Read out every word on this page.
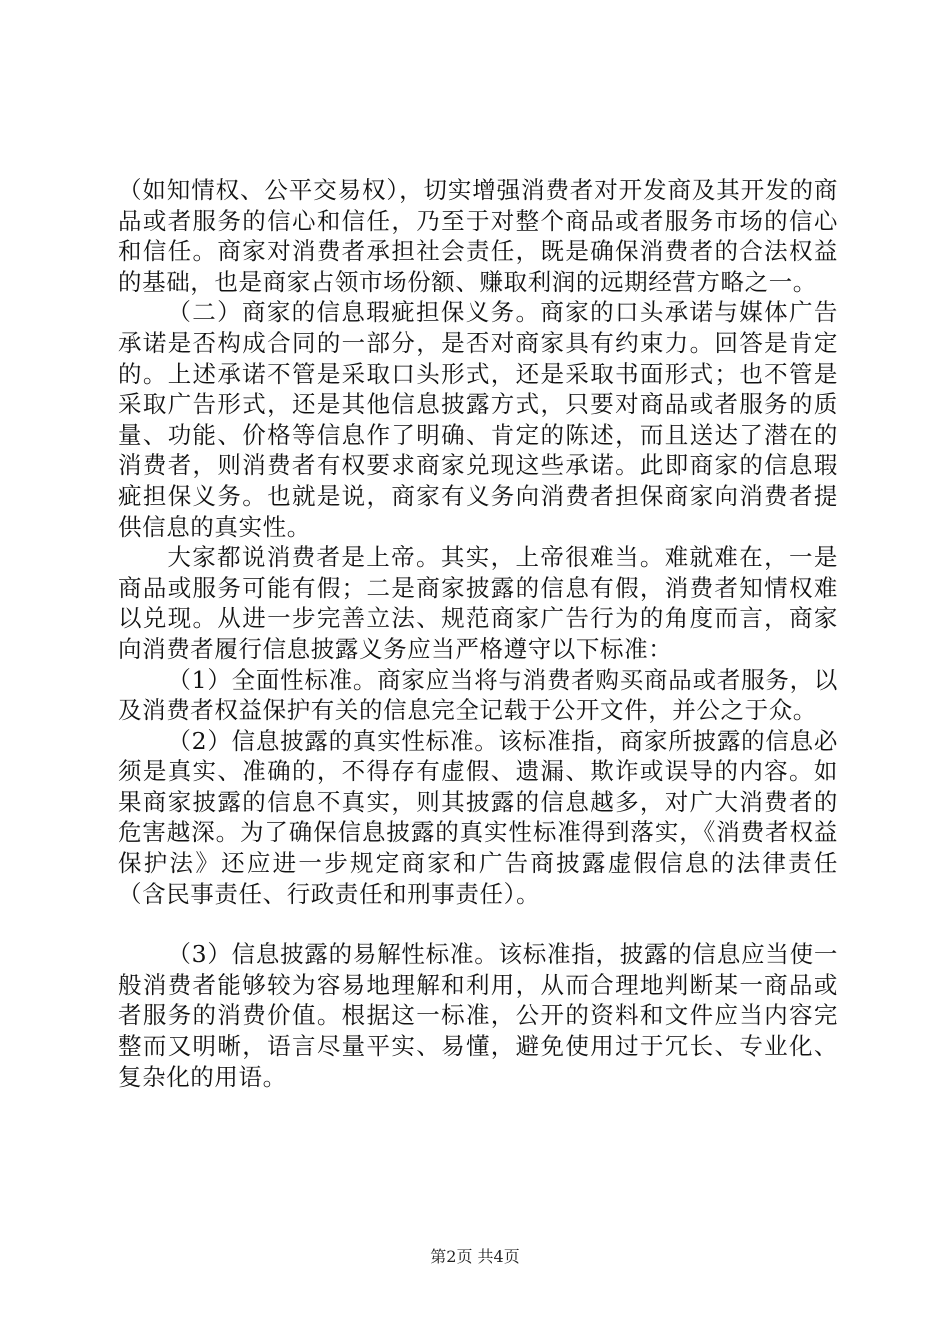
（如知情权、公平交易权），切实增强消费者对开发商及其开发的商品或者服务的信心和信任，乃至于对整个商品或者服务市场的信心和信任。商家对消费者承担社会责任，既是确保消费者的合法权益的基础，也是商家占领市场份额、赚取利润的远期经营方略之一。

（二）商家的信息瑕疵担保义务。商家的口头承诺与媒体广告承诺是否构成合同的一部分，是否对商家具有约束力。回答是肯定的。上述承诺不管是采取口头形式，还是采取书面形式；也不管是采取广告形式，还是其他信息披露方式，只要对商品或者服务的质量、功能、价格等信息作了明确、肯定的陈述，而且送达了潜在的消费者，则消费者有权要求商家兑现这些承诺。此即商家的信息瑕疵担保义务。也就是说，商家有义务向消费者担保商家向消费者提供信息的真实性。

大家都说消费者是上帝。其实，上帝很难当。难就难在，一是商品或服务可能有假；二是商家披露的信息有假，消费者知情权难以兑现。从进一步完善立法、规范商家广告行为的角度而言，商家向消费者履行信息披露义务应当严格遵守以下标准：

（1）全面性标准。商家应当将与消费者购买商品或者服务，以及消费者权益保护有关的信息完全记载于公开文件，并公之于众。

（2）信息披露的真实性标准。该标准指，商家所披露的信息必须是真实、准确的，不得存有虚假、遗漏、欺诈或误导的内容。如果商家披露的信息不真实，则其披露的信息越多，对广大消费者的危害越深。为了确保信息披露的真实性标准得到落实，《消费者权益保护法》还应进一步规定商家和广告商披露虚假信息的法律责任（含民事责任、行政责任和刑事责任）。

（3）信息披露的易解性标准。该标准指，披露的信息应当使一般消费者能够较为容易地理解和利用，从而合理地判断某一商品或者服务的消费价值。根据这一标准，公开的资料和文件应当内容完整而又明晰，语言尽量平实、易懂，避免使用过于冗长、专业化、复杂化的用语。

第2页 共4页
